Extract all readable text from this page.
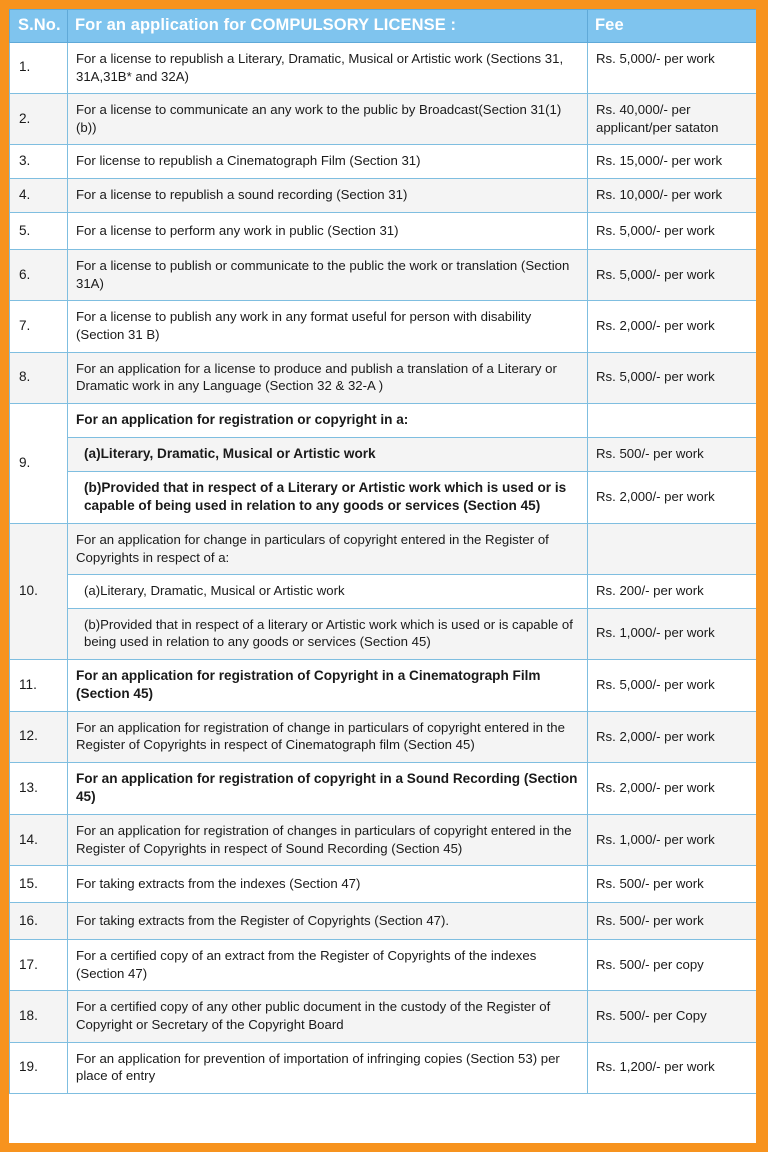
S.No.	For an application for COMPULSORY LICENSE :	Fee
1.	For a license to republish a Literary, Dramatic, Musical or Artistic work (Sections 31, 31A,31B* and 32A)	Rs. 5,000/- per work
2.	For a license to communicate an any work to the public by Broadcast(Section 31(1)(b))	Rs. 40,000/- per applicant/per sataton
3.	For license to republish a Cinematograph Film (Section 31)	Rs. 15,000/- per work
4.	For a license to republish a sound recording (Section 31)	Rs. 10,000/- per work
5.	For a license to perform any work in public (Section 31)	Rs. 5,000/- per work
6.	For a license to publish or communicate to the public the work or translation (Section 31A)	Rs. 5,000/- per work
7.	For a license to publish any work in any format useful for person with disability (Section 31 B)	Rs. 2,000/- per work
8.	For an application for a license to produce and publish a translation of a Literary or Dramatic work in any Language (Section 32 & 32-A )	Rs. 5,000/- per work
9.	For an application for registration or copyright in a:	
	(a)Literary, Dramatic, Musical or Artistic work	Rs. 500/- per work
	(b)Provided that in respect of a Literary or Artistic work which is used or is capable of being used in relation to any goods or services (Section 45)	Rs. 2,000/- per work
10.	For an application for change in particulars of copyright entered in the Register of Copyrights in respect of a:	
	(a)Literary, Dramatic, Musical or Artistic work	Rs. 200/- per work
	(b)Provided that in respect of a literary or Artistic work which is used or is capable of being used in relation to any goods or services (Section 45)	Rs. 1,000/- per work
11.	For an application for registration of Copyright in a Cinematograph Film (Section 45)	Rs. 5,000/- per work
12.	For an application for registration of change in particulars of copyright entered in the Register of Copyrights in respect of Cinematograph film (Section 45)	Rs. 2,000/- per work
13.	For an application for registration of copyright in a Sound Recording (Section 45)	Rs. 2,000/- per work
14.	For an application for registration of changes in particulars of copyright entered in the Register of Copyrights in respect of Sound Recording (Section 45)	Rs. 1,000/- per work
15.	For taking extracts from the indexes (Section 47)	Rs. 500/- per work
16.	For taking extracts from the Register of Copyrights (Section 47).	Rs. 500/- per work
17.	For a certified copy of an extract from the Register of Copyrights of the indexes (Section 47)	Rs. 500/- per copy
18.	For a certified copy of any other public document in the custody of the Register of Copyright or Secretary of the Copyright Board	Rs. 500/- per Copy
19.	For an application for prevention of importation of infringing copies (Section 53) per place of entry	Rs. 1,200/- per work
